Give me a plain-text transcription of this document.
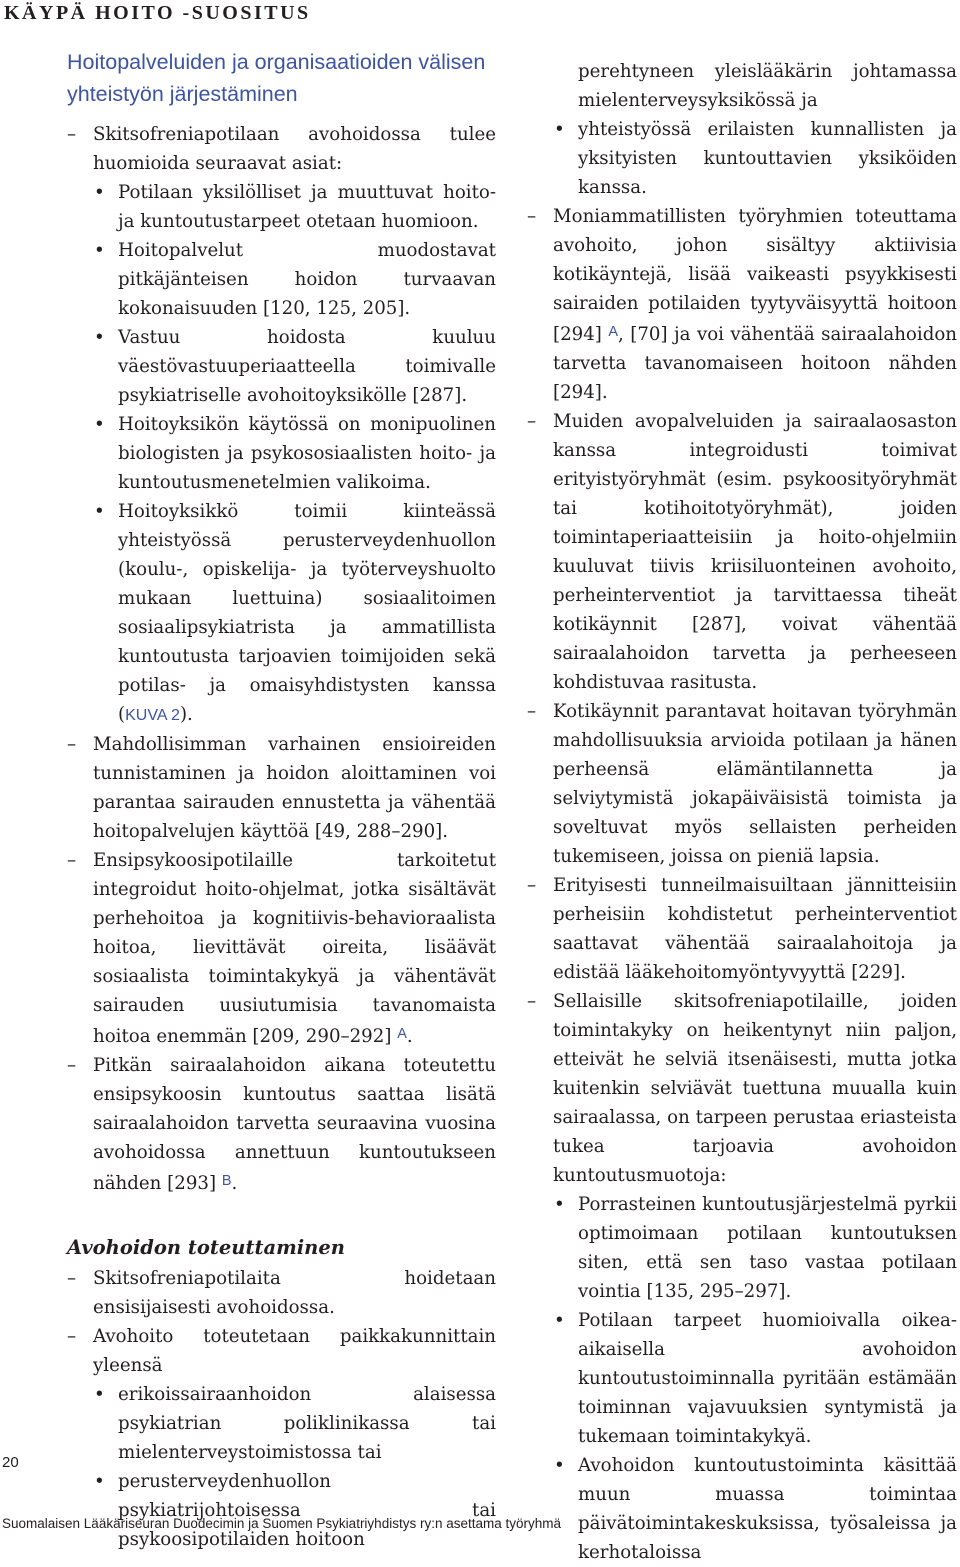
KÄYPÄ HOITO -SUOSITUS
Hoitopalveluiden ja organisaatioiden välisen yhteistyön järjestäminen
– Skitsofreniapotilaan avohoidossa tulee huomioida seuraavat asiat:
• Potilaan yksilölliset ja muuttuvat hoito- ja kuntoutustarpeet otetaan huomioon.
• Hoitopalvelut muodostavat pitkäjänteisen hoidon turvaavan kokonaisuuden [120, 125, 205].
• Vastuu hoidosta kuuluu väestövastuuperiaatteella toimivalle psykiatriselle avohoitoyksikölle [287].
• Hoitoyksikön käytössä on monipuolinen biologisten ja psykososiaalisten hoito- ja kuntoutusmenetelmien valikoima.
• Hoitoyksikkö toimii kiinteässä yhteistyössä perusterveydenhuollon (koulu-, opiskelija- ja työterveyshuolto mukaan luettuina) sosiaalitoimen sosiaalipsykiatrista ja ammatillista kuntoutusta tarjoavien toimijoiden sekä potilas- ja omaisyhdistysten kanssa (KUVA 2).
– Mahdollisimman varhainen ensioireiden tunnistaminen ja hoidon aloittaminen voi parantaa sairauden ennustetta ja vähentää hoitopalvelujen käyttöä [49, 288–290].
– Ensipsykoosipotilaille tarkoitetut integroidut hoito-ohjelmat, jotka sisältävät perhehoitoa ja kognitiivis-behavioraalista hoitoa, lievittävät oireita, lisäävät sosiaalista toimintakykyä ja vähentävät sairauden uusiutumisia tavanomaista hoitoa enemmän [209, 290–292] $^A$.
– Pitkän sairaalahoidon aikana toteutettu ensipsykoosin kuntoutus saattaa lisätä sairaalahoidon tarvetta seuraavina vuosina avohoidossa annettuun kuntoutukseen nähden [293] $^B$.
Avohoidon toteuttaminen
– Skitsofreniapotilaita hoidetaan ensisijaisesti avohoidossa.
– Avohoito toteutetaan paikkakunnittain yleensä
• erikoissairaanhoidon alaisessa psykiatrian poliklinikassa tai mielenterveystoimistossa tai
• perusterveydenhuollon psykiatrijohtoisessa tai psykoosipotilaiden hoitoon
perehtyneen yleislääkärin johtamassa mielenterveysyksikössä ja
• yhteistyössä erilaisten kunnallisten ja yksityisten kuntouttavien yksiköiden kanssa.
– Moniammatillisten työryhmien toteuttama avohoito, johon sisältyy aktiivisia kotikäyntejä, lisää vaikeasti psyykkisesti sairaiden potilaiden tyytyväisyyttä hoitoon [294] $^A$, [70] ja voi vähentää sairaalahoidon tarvetta tavanomaiseen hoitoon nähden [294].
– Muiden avopalveluiden ja sairaalaosaston kanssa integroidusti toimivat erityistyöryhmät (esim. psykoosityöryhmät tai kotihoitotyöryhmät), joiden toimintaperiaatteisiin ja hoito-ohjelmiin kuuluvat tiivis kriisiluonteinen avohoito, perheinterventiot ja tarvittaessa tiheät kotikäynnit [287], voivat vähentää sairaalahoidon tarvetta ja perheeseen kohdistuvaa rasitusta.
– Kotikäynnit parantavat hoitavan työryhmän mahdollisuuksia arvioida potilaan ja hänen perheensä elämäntilannetta ja selviytymistä jokapäiväisistä toimista ja soveltuvat myös sellaisten perheiden tukemiseen, joissa on pieniä lapsia.
– Erityisesti tunneilmaisuiltaan jännitteisiin perheisiin kohdistetut perheinterventiot saattavat vähentää sairaalahoitoja ja edistää lääkehoitomyöntyvyyttä [229].
– Sellaisille skitsofreniapotilaille, joiden toimintakyky on heikentynyt niin paljon, etteivät he selviä itsenäisesti, mutta jotka kuitenkin selviävät tuettuna muualla kuin sairaalassa, on tarpeen perustaa eriasteista tukea tarjoavia avohoidon kuntoutusmuotoja:
• Porrasteinen kuntoutusjärjestelmä pyrkii optimoimaan potilaan kuntoutuksen siten, että sen taso vastaa potilaan vointia [135, 295–297].
• Potilaan tarpeet huomioivalla oikea-aikaisella avohoidon kuntoutustoiminnalla pyritään estämään toiminnan vajavuuksien syntymistä ja tukemaan toimintakykyä.
• Avohoidon kuntoutustoiminta käsittää muun muassa toimintaa päivätoimintakeskuksissa, työsaleissa ja kerhotaloissa
20
Suomalaisen Lääkäriseuran Duodecimin ja Suomen Psykiatriyhdistys ry:n asettama työryhmä
